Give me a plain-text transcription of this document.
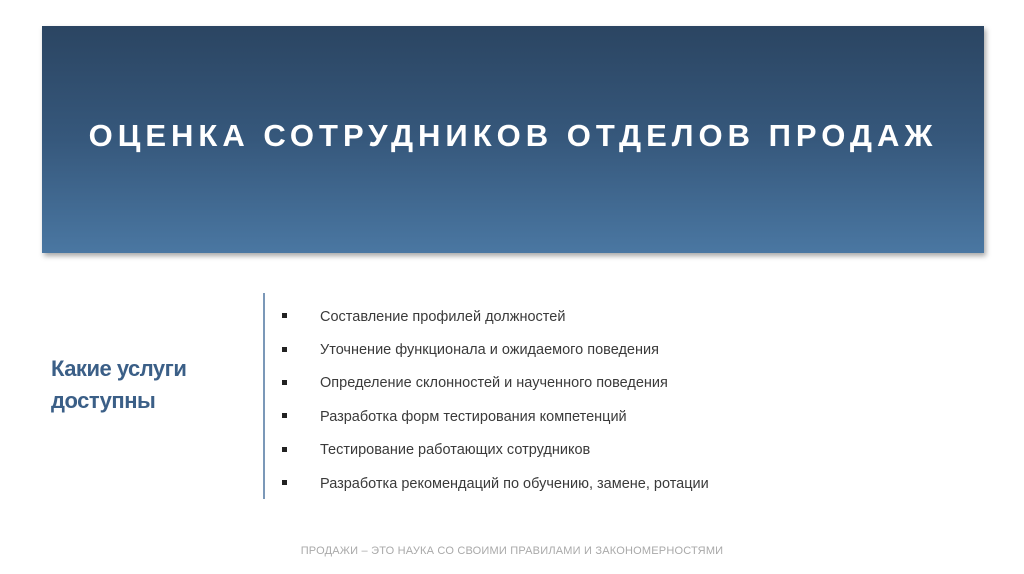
ОЦЕНКА СОТРУДНИКОВ ОТДЕЛОВ ПРОДАЖ
Какие услуги
доступны
Составление профилей должностей
Уточнение функционала и ожидаемого поведения
Определение склонностей и наученного поведения
Разработка форм тестирования компетенций
Тестирование работающих сотрудников
Разработка рекомендаций по обучению, замене, ротации
ПРОДАЖИ – ЭТО НАУКА СО СВОИМИ ПРАВИЛАМИ И ЗАКОНОМЕРНОСТЯМИ
